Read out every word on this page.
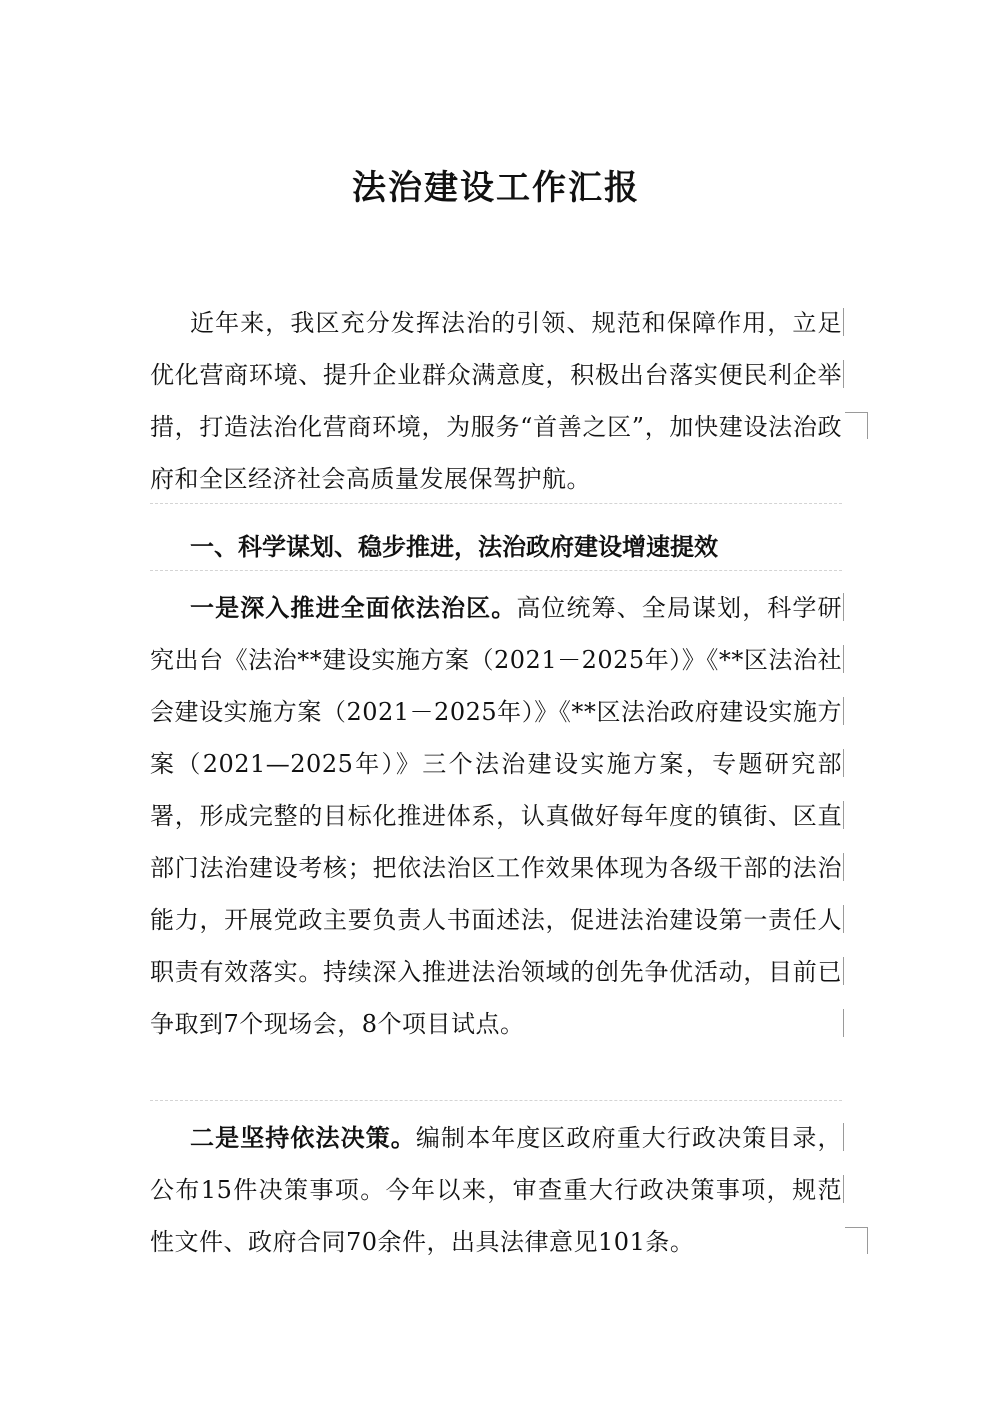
法治建设工作汇报
近年来，我区充分发挥法治的引领、规范和保障作用，立足优化营商环境、提升企业群众满意度，积极出台落实便民利企举措，打造法治化营商环境，为服务“首善之区”，加快建设法治政府和全区经济社会高质量发展保驾护航。
一、科学谋划、稳步推进，法治政府建设增速提效
一是深入推进全面依法治区。高位统筹、全局谋划，科学研究出台《法治**建设实施方案（2021－2025年）》《**区法治社会建设实施方案（2021－2025年）》《**区法治政府建设实施方案（2021—2025年）》三个法治建设实施方案，专题研究部署，形成完整的目标化推进体系，认真做好每年度的镇街、区直部门法治建设考核；把依法治区工作效果体现为各级干部的法治能力，开展党政主要负责人书面述法，促进法治建设第一责任人职责有效落实。持续深入推进法治领域的创先争优活动，目前已争取到7个现场会，8个项目试点。
二是坚持依法决策。编制本年度区政府重大行政决策目录，公布15件决策事项。今年以来，审查重大行政决策事项，规范性文件、政府合同70余件，出具法律意见101条。
